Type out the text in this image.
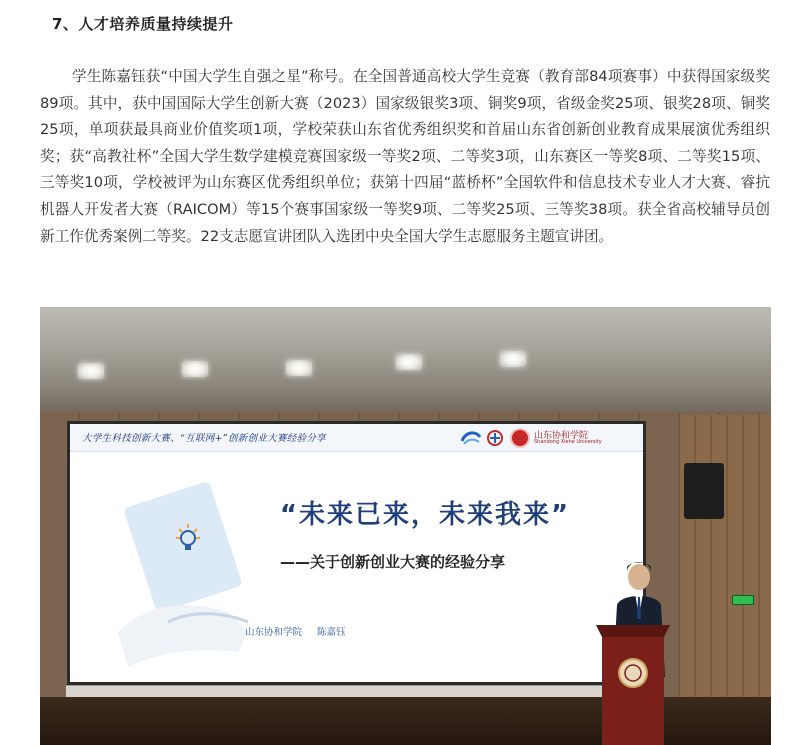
7、人才培养质量持续提升

学生陈嘉钰获“中国大学生自强之星”称号。在全国普通高校大学生竞赛（教育部84项赛事）中获得国家级奖89项。其中，获中国国际大学生创新大赛（2023）国家级银奖3项、铜奖9项，省级金奖25项、银奖28项、铜奖25项，单项获最具商业价值奖项1项，学校荣获山东省优秀组织奖和首届山东省创新创业教育成果展演优秀组织奖；获“高教社杯”全国大学生数学建模竞赛国家级一等奖2项、二等奖3项，山东赛区一等奖8项、二等奖15项、三等奖10项，学校被评为山东赛区优秀组织单位；获第十四届“蓝桥杯”全国软件和信息技术专业人才大赛、睿抗机器人开发者大赛（RAICOM）等15个赛事国家级一等奖9项、二等奖25项、三等奖38项。获全省高校辅导员创新工作优秀案例二等奖。22支志愿宣讲团队入选团中央全国大学生志愿服务主题宣讲团。

大学生科技创新大赛、“互联网+”创新创业大赛经验分享	山东协和学院
Shandong Xiehe University
“未来已来，未来我来”
——关于创新创业大赛的经验分享
山东协和学院 陈嘉钰
